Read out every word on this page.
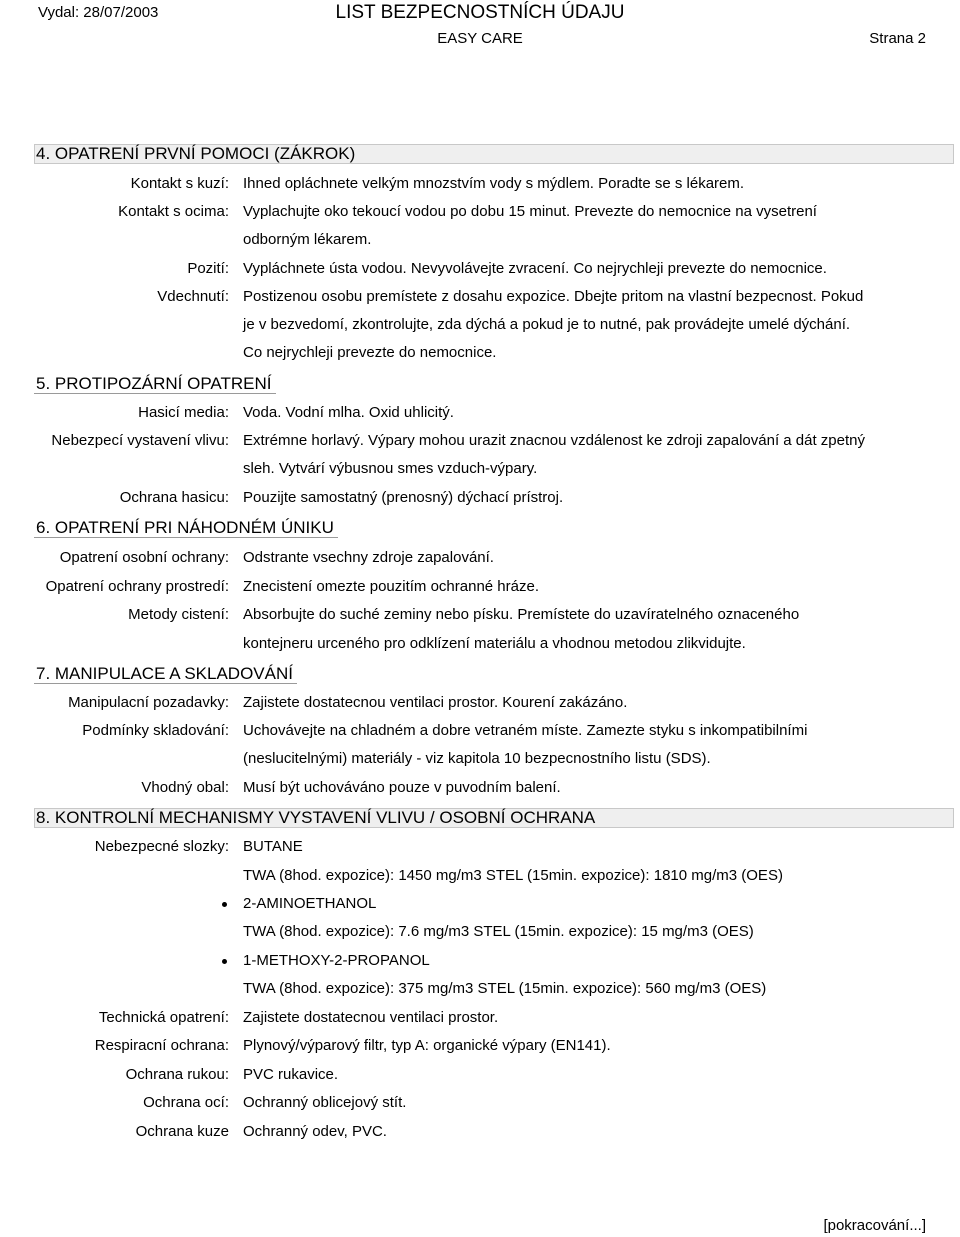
Vydal: 28/07/2003	LIST BEZPECNOSTNÍCH ÚDAJU
EASY CARE	Strana 2
4. OPATRENÍ PRVNÍ POMOCI (ZÁKROK)
Kontakt s kuzí: Ihned opláchnete velkým mnozstvím vody s mýdlem. Poradte se s lékarem.
Kontakt s ocima: Vyplachujte oko tekoucí vodou po dobu 15 minut. Prevezte do nemocnice na vysetrení
odborným lékarem.
Pozití: Vypláchnete ústa vodou. Nevyvolávejte zvracení. Co nejrychleji prevezte do nemocnice.
Vdechnutí: Postizenou osobu premístete z dosahu expozice. Dbejte pritom na vlastní bezpecnost. Pokud
je v bezvedomí, zkontrolujte, zda dýchá a pokud je to nutné, pak provádejte umelé dýchání.
Co nejrychleji prevezte do nemocnice.
5. PROTIPOZÁRNÍ OPATRENÍ
Hasicí media: Voda. Vodní mlha. Oxid uhlicitý.
Nebezpecí vystavení vlivu: Extrémne horlavý. Výpary mohou urazit znacnou vzdálenost ke zdroji zapalování a dát zpetný
sleh. Vytvárí výbusnou smes vzduch-výpary.
Ochrana hasicu: Pouzijte samostatný (prenosný) dýchací prístroj.
6. OPATRENÍ PRI NÁHODNÉM ÚNIKU
Opatrení osobní ochrany: Odstrante vsechny zdroje zapalování.
Opatrení ochrany prostredí: Znecistení omezte pouzitím ochranné hráze.
Metody cistení: Absorbujte do suché zeminy nebo písku. Premístete do uzavíratelného oznaceného
kontejneru urceného pro odklízení materiálu a vhodnou metodou zlikvidujte.
7. MANIPULACE A SKLADOVÁNÍ
Manipulacní pozadavky: Zajistete dostatecnou ventilaci prostor. Kourení zakázáno.
Podmínky skladování: Uchovávejte na chladném a dobre vetraném míste. Zamezte styku s inkompatibilními
(neslucitelnými) materiály - viz kapitola 10 bezpecnostního listu (SDS).
Vhodný obal: Musí být uchováváno pouze v puvodním balení.
8. KONTROLNÍ MECHANISMY VYSTAVENÍ VLIVU / OSOBNÍ OCHRANA
Nebezpecné slozky: BUTANE
TWA (8hod. expozice): 1450 mg/m3 STEL (15min. expozice): 1810 mg/m3 (OES)
2-AMINOETHANOL
TWA (8hod. expozice): 7.6 mg/m3 STEL (15min. expozice): 15 mg/m3 (OES)
1-METHOXY-2-PROPANOL
TWA (8hod. expozice): 375 mg/m3 STEL (15min. expozice): 560 mg/m3 (OES)
Technická opatrení: Zajistete dostatecnou ventilaci prostor.
Respiracní ochrana: Plynový/výparový filtr, typ A: organické výpary (EN141).
Ochrana rukou: PVC rukavice.
Ochrana ocí: Ochranný oblicejový stít.
Ochrana kuze Ochranný odev, PVC.
[pokracování...]
